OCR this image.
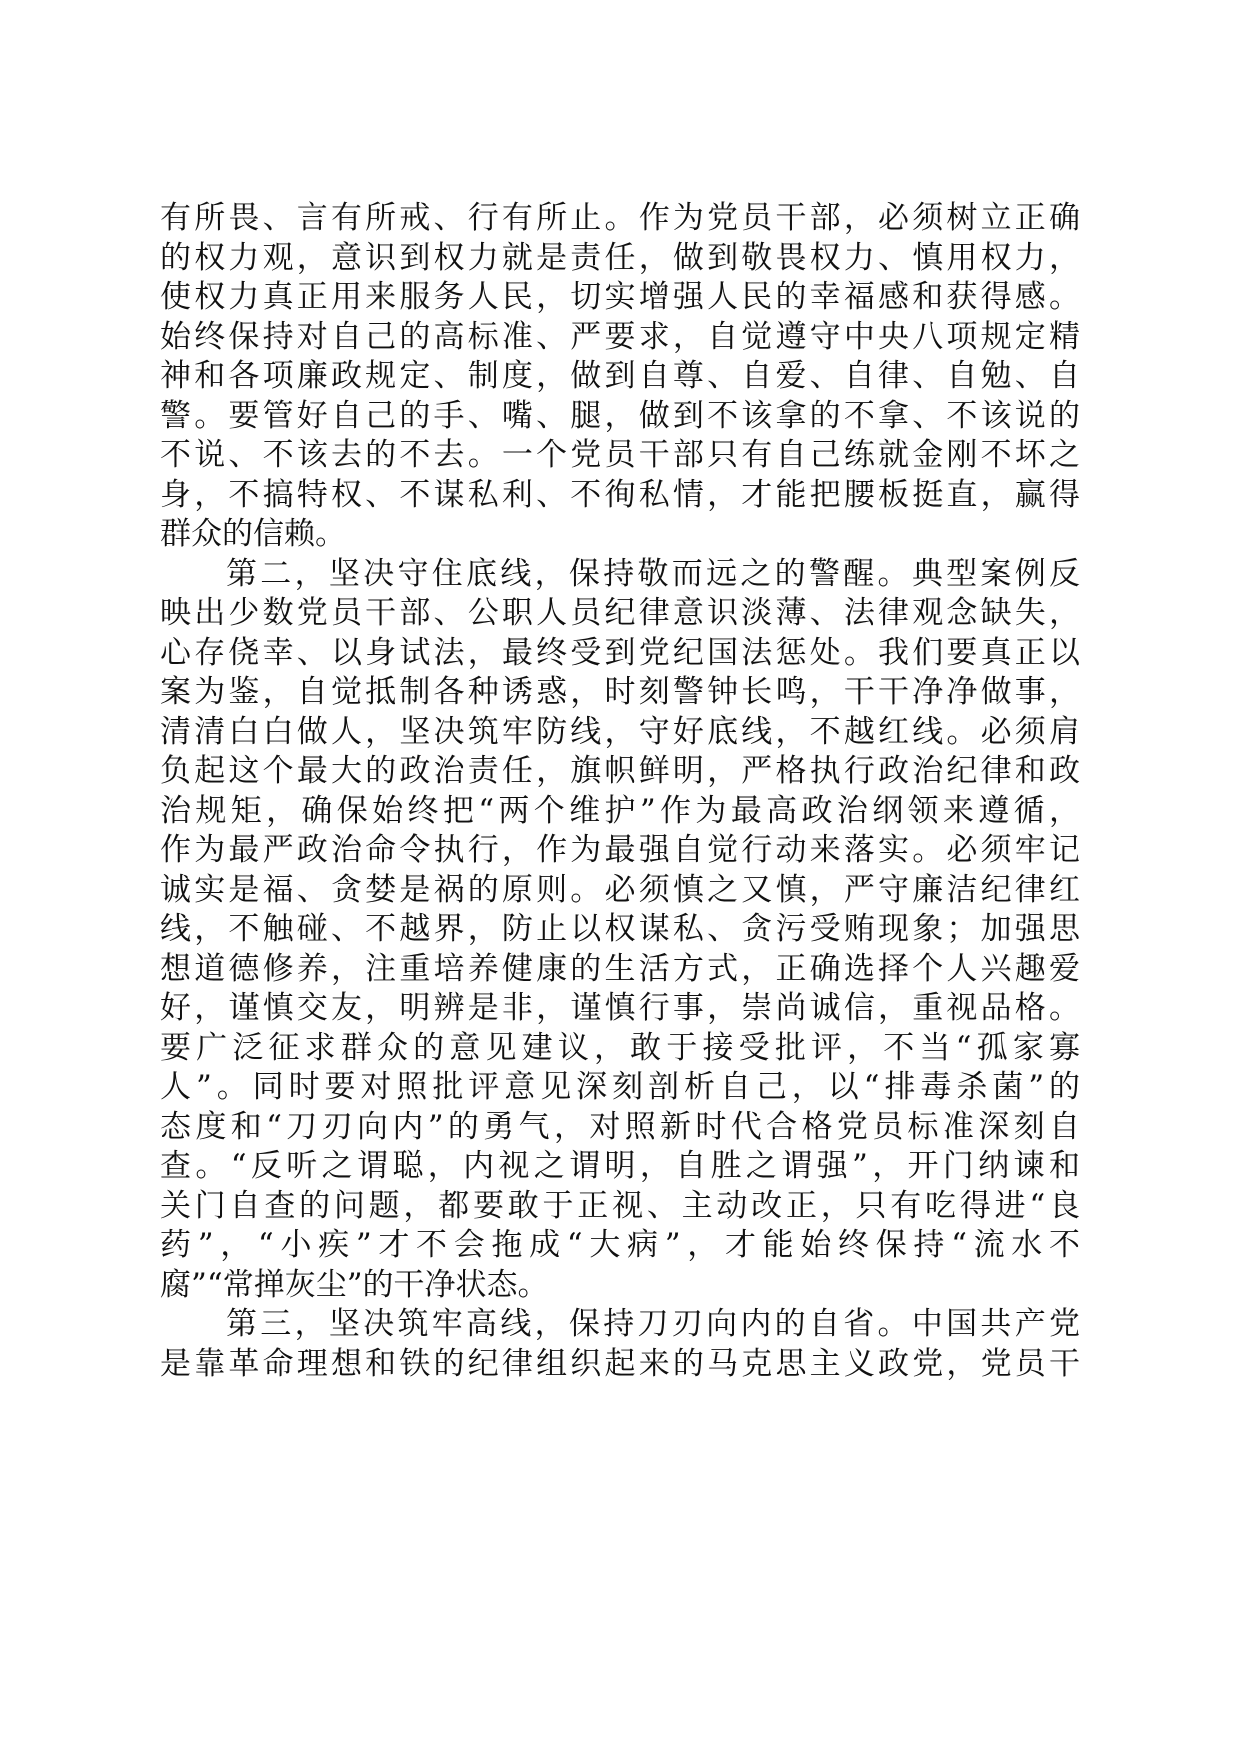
有所畏、言有所戒、行有所止。作为党员干部，必须树立正确
的权力观，意识到权力就是责任，做到敬畏权力、慎用权力，
使权力真正用来服务人民，切实增强人民的幸福感和获得感。
始终保持对自己的高标准、严要求，自觉遵守中央八项规定精
神和各项廉政规定、制度，做到自尊、自爱、自律、自勉、自
警。要管好自己的手、嘴、腿，做到不该拿的不拿、不该说的
不说、不该去的不去。一个党员干部只有自己练就金刚不坏之
身，不搞特权、不谋私利、不徇私情，才能把腰板挺直，赢得
群众的信赖。
第二，坚决守住底线，保持敬而远之的警醒。典型案例反
映出少数党员干部、公职人员纪律意识淡薄、法律观念缺失，
心存侥幸、以身试法，最终受到党纪国法惩处。我们要真正以
案为鉴，自觉抵制各种诱惑，时刻警钟长鸣，干干净净做事，
清清白白做人，坚决筑牢防线，守好底线，不越红线。必须肩
负起这个最大的政治责任，旗帜鲜明，严格执行政治纪律和政
治规矩，确保始终把“两个维护”作为最高政治纲领来遵循，
作为最严政治命令执行，作为最强自觉行动来落实。必须牢记
诚实是福、贪婪是祸的原则。必须慎之又慎，严守廉洁纪律红
线，不触碰、不越界，防止以权谋私、贪污受贿现象；加强思
想道德修养，注重培养健康的生活方式，正确选择个人兴趣爱
好，谨慎交友，明辨是非，谨慎行事，崇尚诚信，重视品格。
要广泛征求群众的意见建议，敢于接受批评，不当“孤家寡
人”。同时要对照批评意见深刻剖析自己，以“排毒杀菌”的
态度和“刀刃向内”的勇气，对照新时代合格党员标准深刻自
查。“反听之谓聪，内视之谓明，自胜之谓强”，开门纳谏和
关门自查的问题，都要敢于正视、主动改正，只有吃得进“良
药”，“小疾”才不会拖成“大病”，才能始终保持“流水不
腐”“常掸灰尘”的干净状态。
第三，坚决筑牢高线，保持刀刃向内的自省。中国共产党
是靠革命理想和铁的纪律组织起来的马克思主义政党，党员干
